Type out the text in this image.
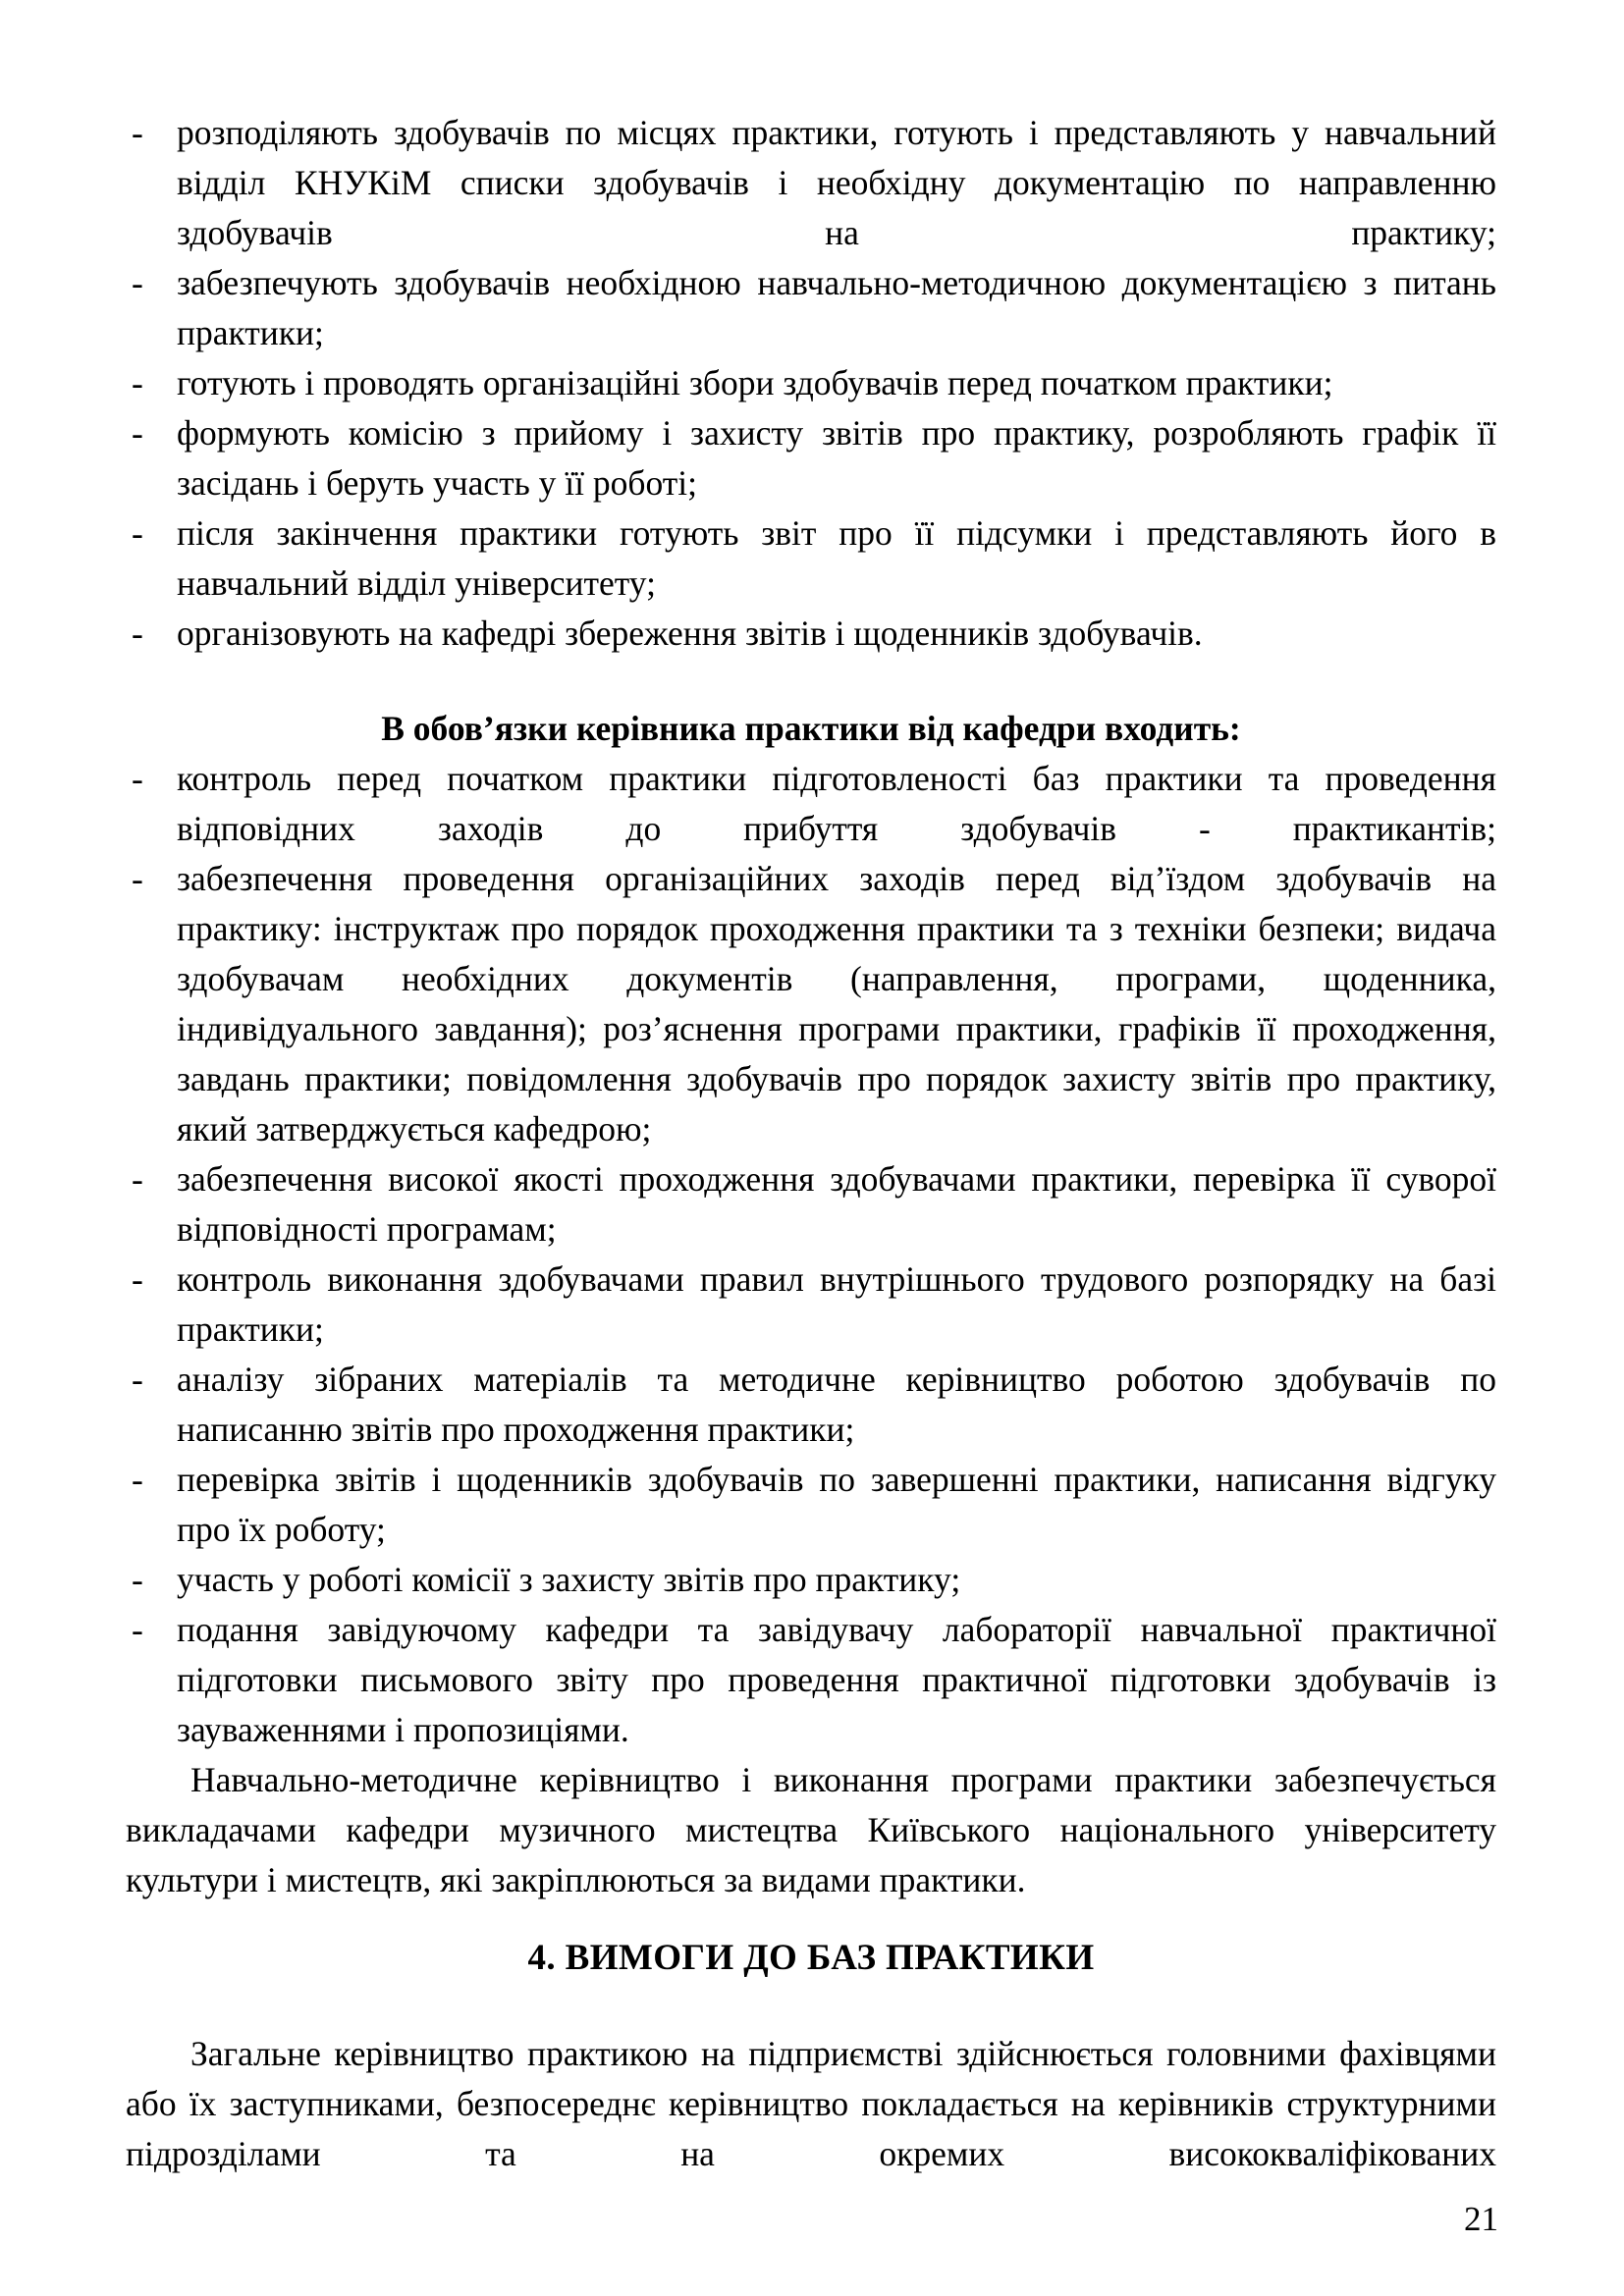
- розподіляють здобувачів по місцях практики, готують і представляють у навчальний відділ КНУКіМ списки здобувачів і необхідну документацію по направленню здобувачів на практику;
- забезпечують здобувачів необхідною навчально-методичною документацією з питань практики;
- готують і проводять організаційні збори здобувачів перед початком практики;
- формують комісію з прийому і захисту звітів про практику, розробляють графік її засідань і беруть участь у її роботі;
- після закінчення практики готують звіт про її підсумки і представляють його в навчальний відділ університету;
- організовують на кафедрі збереження звітів і щоденників здобувачів.
В обов’язки керівника практики від кафедри входить:
- контроль перед початком практики підготовленості баз практики та проведення відповідних заходів до прибуття здобувачів - практикантів;
- забезпечення проведення організаційних заходів перед від’їздом здобувачів на практику: інструктаж про порядок проходження практики та з техніки безпеки; видача здобувачам необхідних документів (направлення, програми, щоденника, індивідуального завдання); роз’яснення програми практики, графіків її проходження, завдань практики; повідомлення здобувачів про порядок захисту звітів про практику, який затверджується кафедрою;
- забезпечення високої якості проходження здобувачами практики, перевірка її суворої відповідності програмам;
- контроль виконання здобувачами правил внутрішнього трудового розпорядку на базі практики;
- аналізу зібраних матеріалів та методичне керівництво роботою здобувачів по написанню звітів про проходження практики;
- перевірка звітів і щоденників здобувачів по завершенні практики, написання відгуку про їх роботу;
- участь у роботі комісії з захисту звітів про практику;
- подання завідуючому кафедри та завідувачу лабораторії навчальної практичної підготовки письмового звіту про проведення практичної підготовки здобувачів із зауваженнями і пропозиціями.

Навчально-методичне керівництво і виконання програми практики забезпечується викладачами кафедри музичного мистецтва Київського національного університету культури і мистецтв, які закріплюються за видами практики.

4. ВИМОГИ ДО БАЗ ПРАКТИКИ

Загальне керівництво практикою на підприємстві здійснюється головними фахівцями або їх заступниками, безпосереднє керівництво покладається на керівників структурними підрозділами та на окремих висококваліфікованих

21
